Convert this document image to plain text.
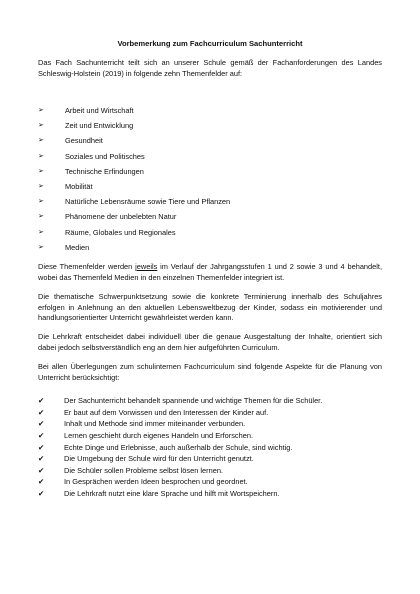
Vorbemerkung zum Fachcurriculum Sachunterricht
Das Fach Sachunterricht teilt sich an unserer Schule gemäß der Fachanforderungen des Landes Schleswig-Holstein (2019) in folgende zehn Themenfelder auf:
➢	Arbeit und Wirtschaft
➢	Zeit und Entwicklung
➢	Gesundheit
➢	Soziales und Politisches
➢	Technische Erfindungen
➢	Mobilität
➢	Natürliche Lebensräume sowie Tiere und Pflanzen
➢	Phänomene der unbelebten Natur
➢	Räume, Globales und Regionales
➢	Medien
Diese Themenfelder werden jeweils im Verlauf der Jahrgangsstufen 1 und 2 sowie 3 und 4 behandelt, wobei das Themenfeld Medien in den einzelnen Themenfelder integriert ist.
Die thematische Schwerpunktsetzung sowie die konkrete Terminierung innerhalb des Schuljahres erfolgen in Anlehnung an den aktuellen Lebensweltbezug der Kinder, sodass ein motivierender und handlungsorientierter Unterricht gewährleistet werden kann.
Die Lehrkraft entscheidet dabei individuell über die genaue Ausgestaltung der Inhalte, orientiert sich dabei jedoch selbstverständlich eng an dem hier aufgeführten Curriculum.
Bei allen Überlegungen zum schulinternen Fachcurriculum sind folgende Aspekte für die Planung von Unterricht berücksichtigt:
✔	Der Sachunterricht behandelt spannende und wichtige Themen für die Schüler.
✔	Er baut auf dem Vorwissen und den Interessen der Kinder auf.
✔	Inhalt und Methode sind immer miteinander verbunden.
✔	Lernen geschieht durch eigenes Handeln und Erforschen.
✔	Echte Dinge und Erlebnisse, auch außerhalb der Schule, sind wichtig.
✔	Die Umgebung der Schule wird für den Unterricht genutzt.
✔	Die Schüler sollen Probleme selbst lösen lernen.
✔	In Gesprächen werden Ideen besprochen und geordnet.
✔	Die Lehrkraft nutzt eine klare Sprache und hilft mit Wortspeichern.
